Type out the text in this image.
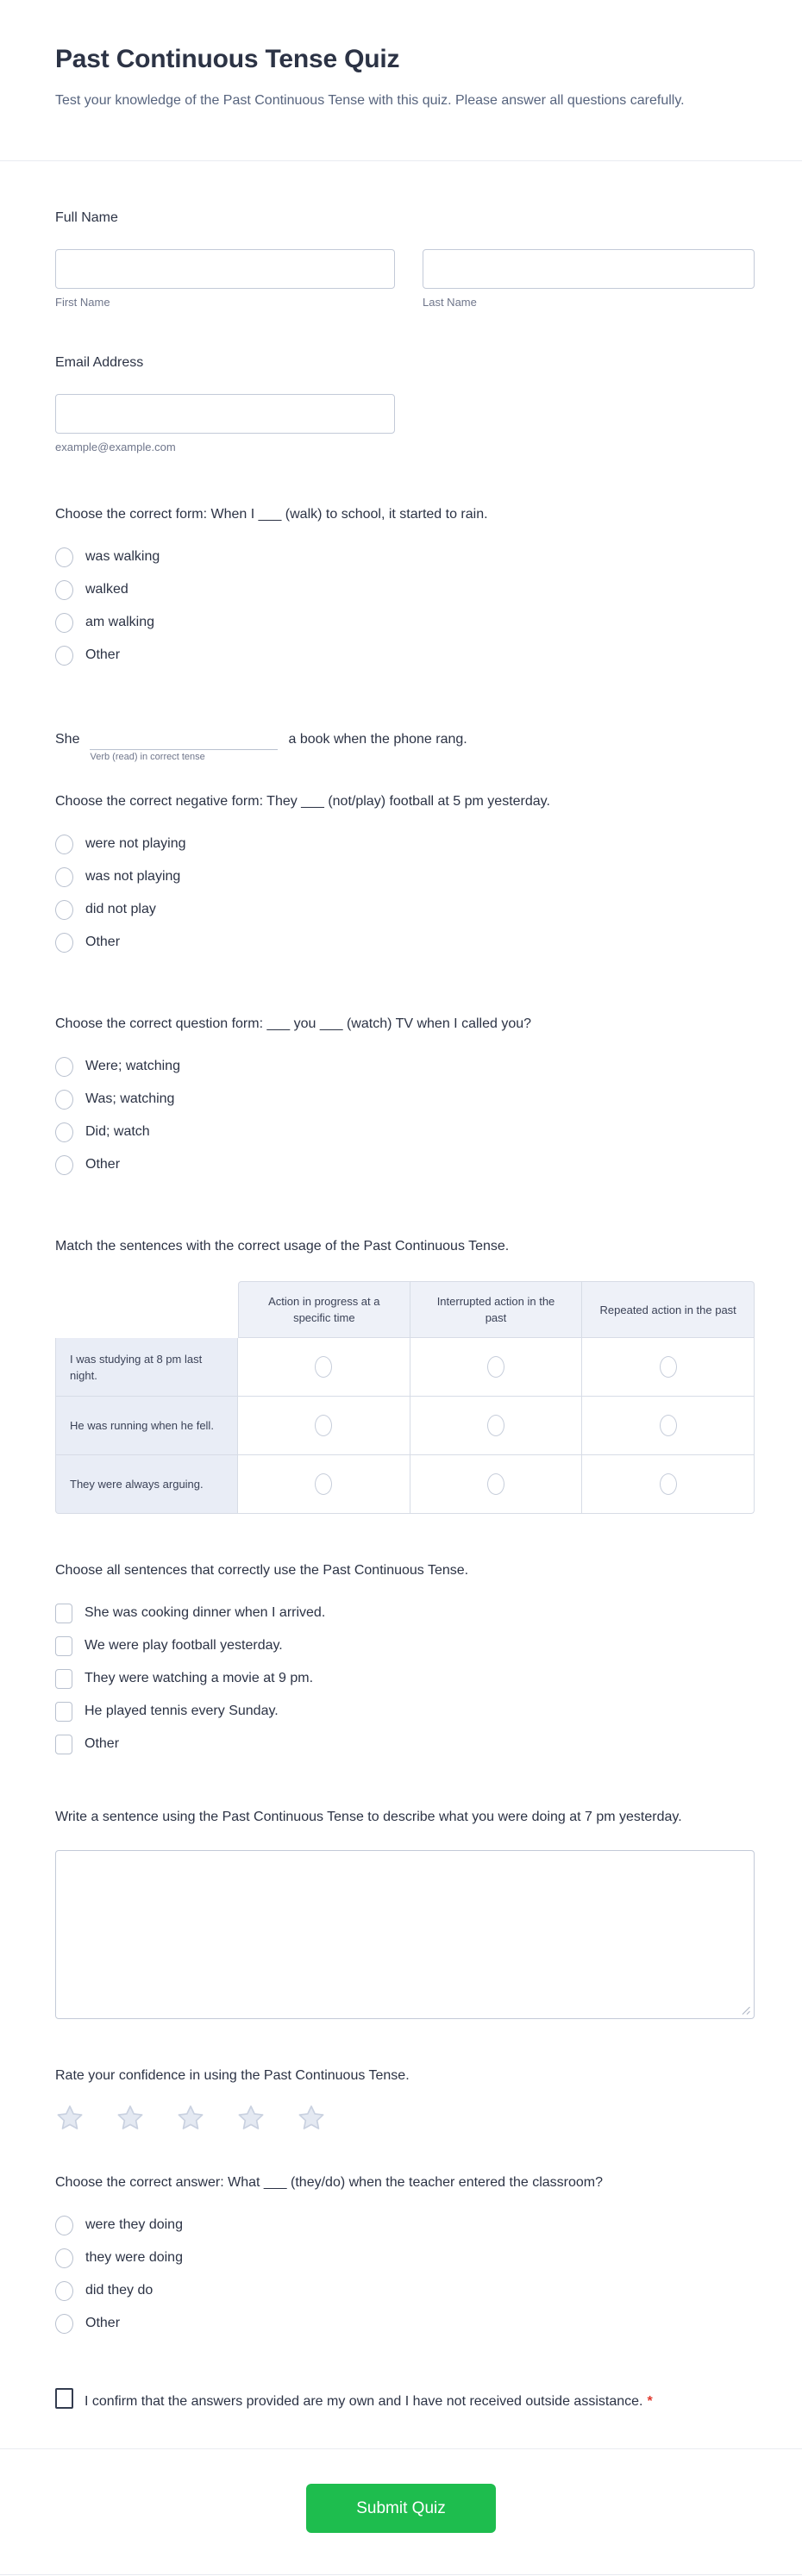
Past Continuous Tense Quiz
Test your knowledge of the Past Continuous Tense with this quiz. Please answer all questions carefully.
Full Name
First Name	Last Name
Email Address
example@example.com
Choose the correct form: When I ___ (walk) to school, it started to rain.
was walking
walked
am walking
Other
She
Verb (read) in correct tense
a book when the phone rang.
Choose the correct negative form: They ___ (not/play) football at 5 pm yesterday.
were not playing
was not playing
did not play
Other
Choose the correct question form: ___ you ___ (watch) TV when I called you?
Were; watching
Was; watching
Did; watch
Other
Match the sentences with the correct usage of the Past Continuous Tense.
Action in progress at a specific time
Interrupted action in the past
Repeated action in the past
I was studying at 8 pm last night.
He was running when he fell.
They were always arguing.
Choose all sentences that correctly use the Past Continuous Tense.
She was cooking dinner when I arrived.
We were play football yesterday.
They were watching a movie at 9 pm.
He played tennis every Sunday.
Other
Write a sentence using the Past Continuous Tense to describe what you were doing at 7 pm yesterday.
Rate your confidence in using the Past Continuous Tense.
Choose the correct answer: What ___ (they/do) when the teacher entered the classroom?
were they doing
they were doing
did they do
Other
I confirm that the answers provided are my own and I have not received outside assistance. *
Submit Quiz
